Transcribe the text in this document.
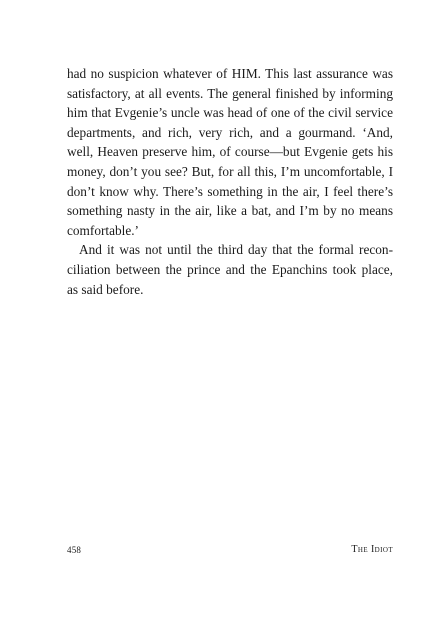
had no suspicion whatever of HIM. This last assurance was
satisfactory, at all events. The general finished by informing
him that Evgenie’s uncle was head of one of the civil service
departments, and rich, very rich, and a gourmand. ‘And,
well, Heaven preserve him, of course—but Evgenie gets his
money, don’t you see? But, for all this, I’m uncomfortable, I
don’t know why. There’s something in the air, I feel there’s
something nasty in the air, like a bat, and I’m by no means
comfortable.’
And it was not until the third day that the formal recon-
ciliation between the prince and the Epanchins took place,
as said before.
458	The Idiot
